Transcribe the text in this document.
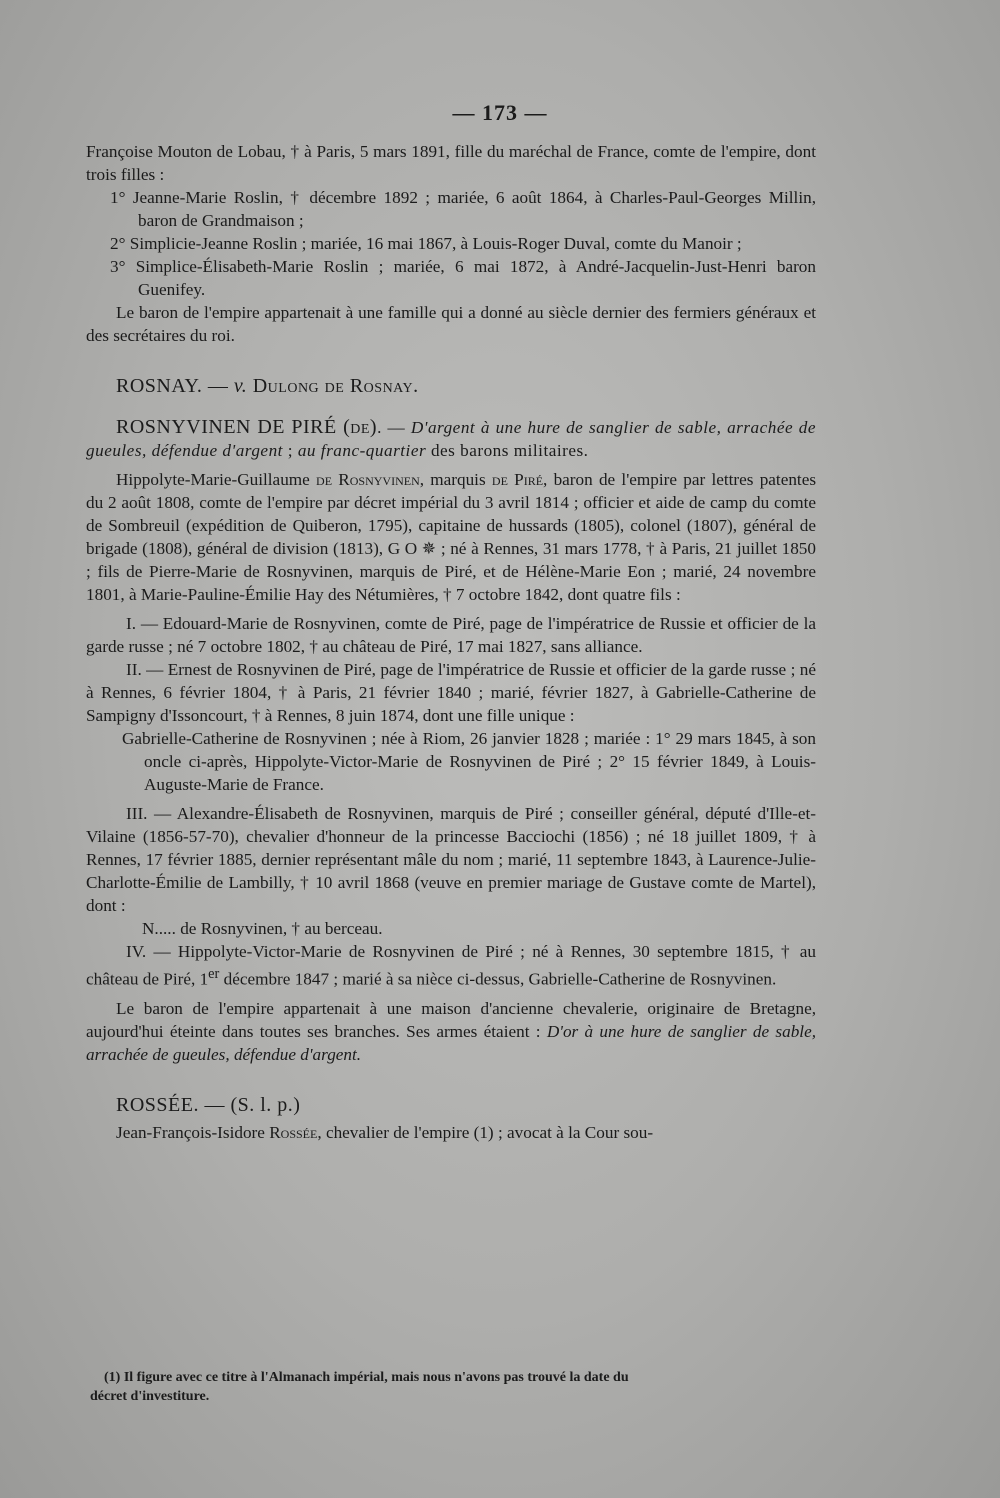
— 173 —

Françoise Mouton de Lobau, † à Paris, 5 mars 1891, fille du maréchal de France, comte de l'empire, dont trois filles :

1° Jeanne-Marie Roslin, † décembre 1892 ; mariée, 6 août 1864, à Charles-Paul-Georges Millin, baron de Grandmaison ;

2° Simplicie-Jeanne Roslin ; mariée, 16 mai 1867, à Louis-Roger Duval, comte du Manoir ;

3° Simplice-Élisabeth-Marie Roslin ; mariée, 6 mai 1872, à André-Jacquelin-Just-Henri baron Guenifey.

Le baron de l'empire appartenait à une famille qui a donné au siècle dernier des fermiers généraux et des secrétaires du roi.

ROSNAY. — v. Dulong de Rosnay.

ROSNYVINEN DE PIRÉ (de). — D'argent à une hure de sanglier de sable, arrachée de gueules, défendue d'argent ; au franc-quartier des barons militaires.

Hippolyte-Marie-Guillaume de Rosnyvinen, marquis de Piré, baron de l'empire par lettres patentes du 2 août 1808, comte de l'empire par décret impérial du 3 avril 1814 ; officier et aide de camp du comte de Sombreuil (expédition de Quiberon, 1795), capitaine de hussards (1805), colonel (1807), général de brigade (1808), général de division (1813), G O ✵ ; né à Rennes, 31 mars 1778, † à Paris, 21 juillet 1850 ; fils de Pierre-Marie de Rosnyvinen, marquis de Piré, et de Hélène-Marie Eon ; marié, 24 novembre 1801, à Marie-Pauline-Émilie Hay des Nétumières, † 7 octobre 1842, dont quatre fils :

I. — Edouard-Marie de Rosnyvinen, comte de Piré, page de l'impératrice de Russie et officier de la garde russe ; né 7 octobre 1802, † au château de Piré, 17 mai 1827, sans alliance.

II. — Ernest de Rosnyvinen de Piré, page de l'impératrice de Russie et officier de la garde russe ; né à Rennes, 6 février 1804, † à Paris, 21 février 1840 ; marié, février 1827, à Gabrielle-Catherine de Sampigny d'Issoncourt, † à Rennes, 8 juin 1874, dont une fille unique :

Gabrielle-Catherine de Rosnyvinen ; née à Riom, 26 janvier 1828 ; mariée : 1° 29 mars 1845, à son oncle ci-après, Hippolyte-Victor-Marie de Rosnyvinen de Piré ; 2° 15 février 1849, à Louis-Auguste-Marie de France.

III. — Alexandre-Élisabeth de Rosnyvinen, marquis de Piré ; conseiller général, député d'Ille-et-Vilaine (1856-57-70), chevalier d'honneur de la princesse Bacciochi (1856) ; né 18 juillet 1809, † à Rennes, 17 février 1885, dernier représentant mâle du nom ; marié, 11 septembre 1843, à Laurence-Julie-Charlotte-Émilie de Lambilly, † 10 avril 1868 (veuve en premier mariage de Gustave comte de Martel), dont :

N..... de Rosnyvinen, † au berceau.

IV. — Hippolyte-Victor-Marie de Rosnyvinen de Piré ; né à Rennes, 30 septembre 1815, † au château de Piré, 1er décembre 1847 ; marié à sa nièce ci-dessus, Gabrielle-Catherine de Rosnyvinen.

Le baron de l'empire appartenait à une maison d'ancienne chevalerie, originaire de Bretagne, aujourd'hui éteinte dans toutes ses branches. Ses armes étaient : D'or à une hure de sanglier de sable, arrachée de gueules, défendue d'argent.

ROSSÉE. — (S. l. p.)

Jean-François-Isidore Rossée, chevalier de l'empire (1) ; avocat à la Cour sou-

(1) Il figure avec ce titre à l'Almanach impérial, mais nous n'avons pas trouvé la date du
décret d'investiture.
